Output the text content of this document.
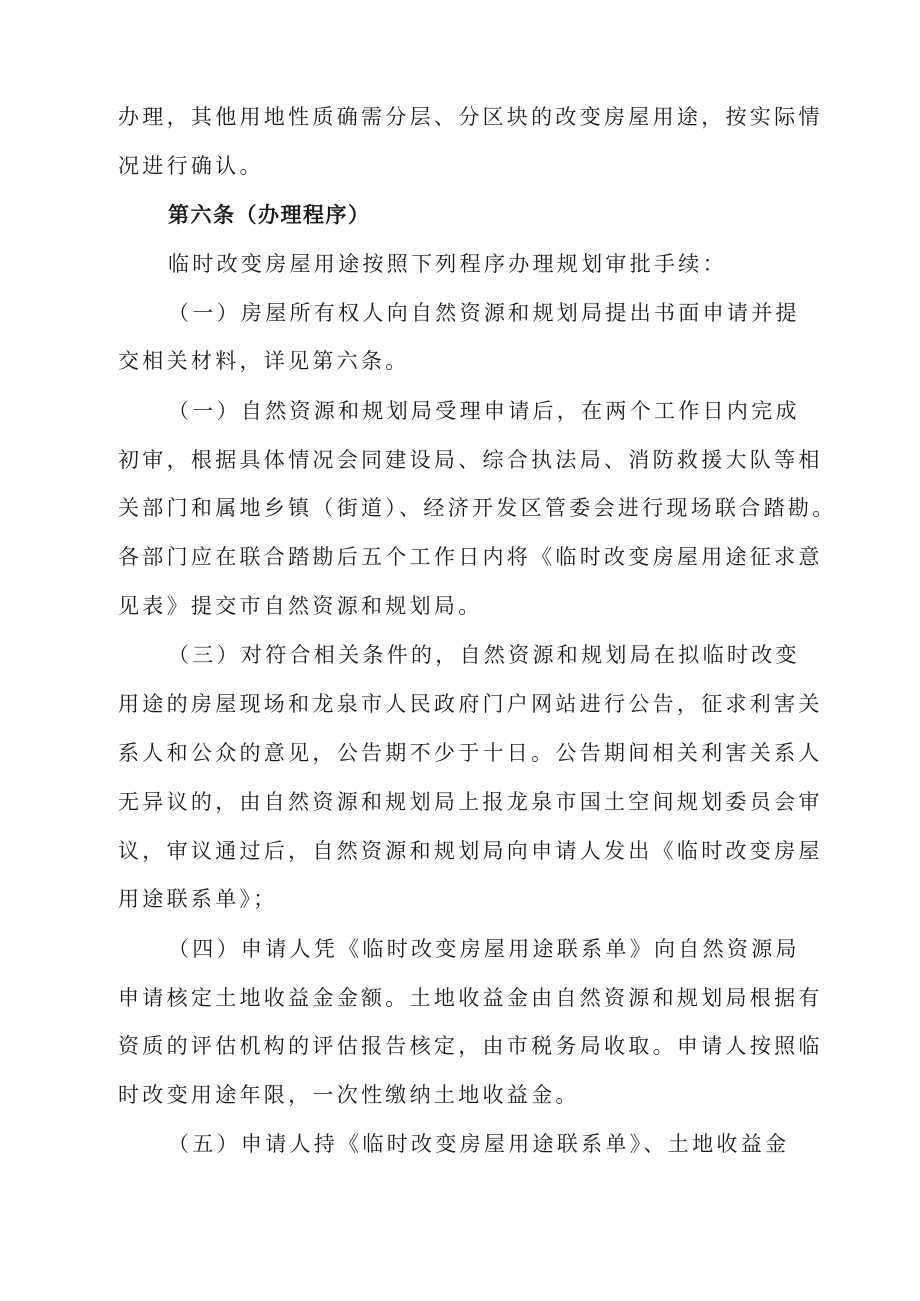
办理，其他用地性质确需分层、分区块的改变房屋用途，按实际情
况进行确认。
第六条（办理程序）
临时改变房屋用途按照下列程序办理规划审批手续：
（一）房屋所有权人向自然资源和规划局提出书面申请并提
交相关材料，详见第六条。
（一）自然资源和规划局受理申请后，在两个工作日内完成
初审，根据具体情况会同建设局、综合执法局、消防救援大队等相
关部门和属地乡镇（街道）、经济开发区管委会进行现场联合踏勘。
各部门应在联合踏勘后五个工作日内将《临时改变房屋用途征求意
见表》提交市自然资源和规划局。
（三）对符合相关条件的，自然资源和规划局在拟临时改变
用途的房屋现场和龙泉市人民政府门户网站进行公告，征求利害关
系人和公众的意见，公告期不少于十日。公告期间相关利害关系人
无异议的，由自然资源和规划局上报龙泉市国土空间规划委员会审
议，审议通过后，自然资源和规划局向申请人发出《临时改变房屋
用途联系单》；
（四）申请人凭《临时改变房屋用途联系单》向自然资源局
申请核定土地收益金金额。土地收益金由自然资源和规划局根据有
资质的评估机构的评估报告核定，由市税务局收取。申请人按照临
时改变用途年限，一次性缴纳土地收益金。
（五）申请人持《临时改变房屋用途联系单》、土地收益金
